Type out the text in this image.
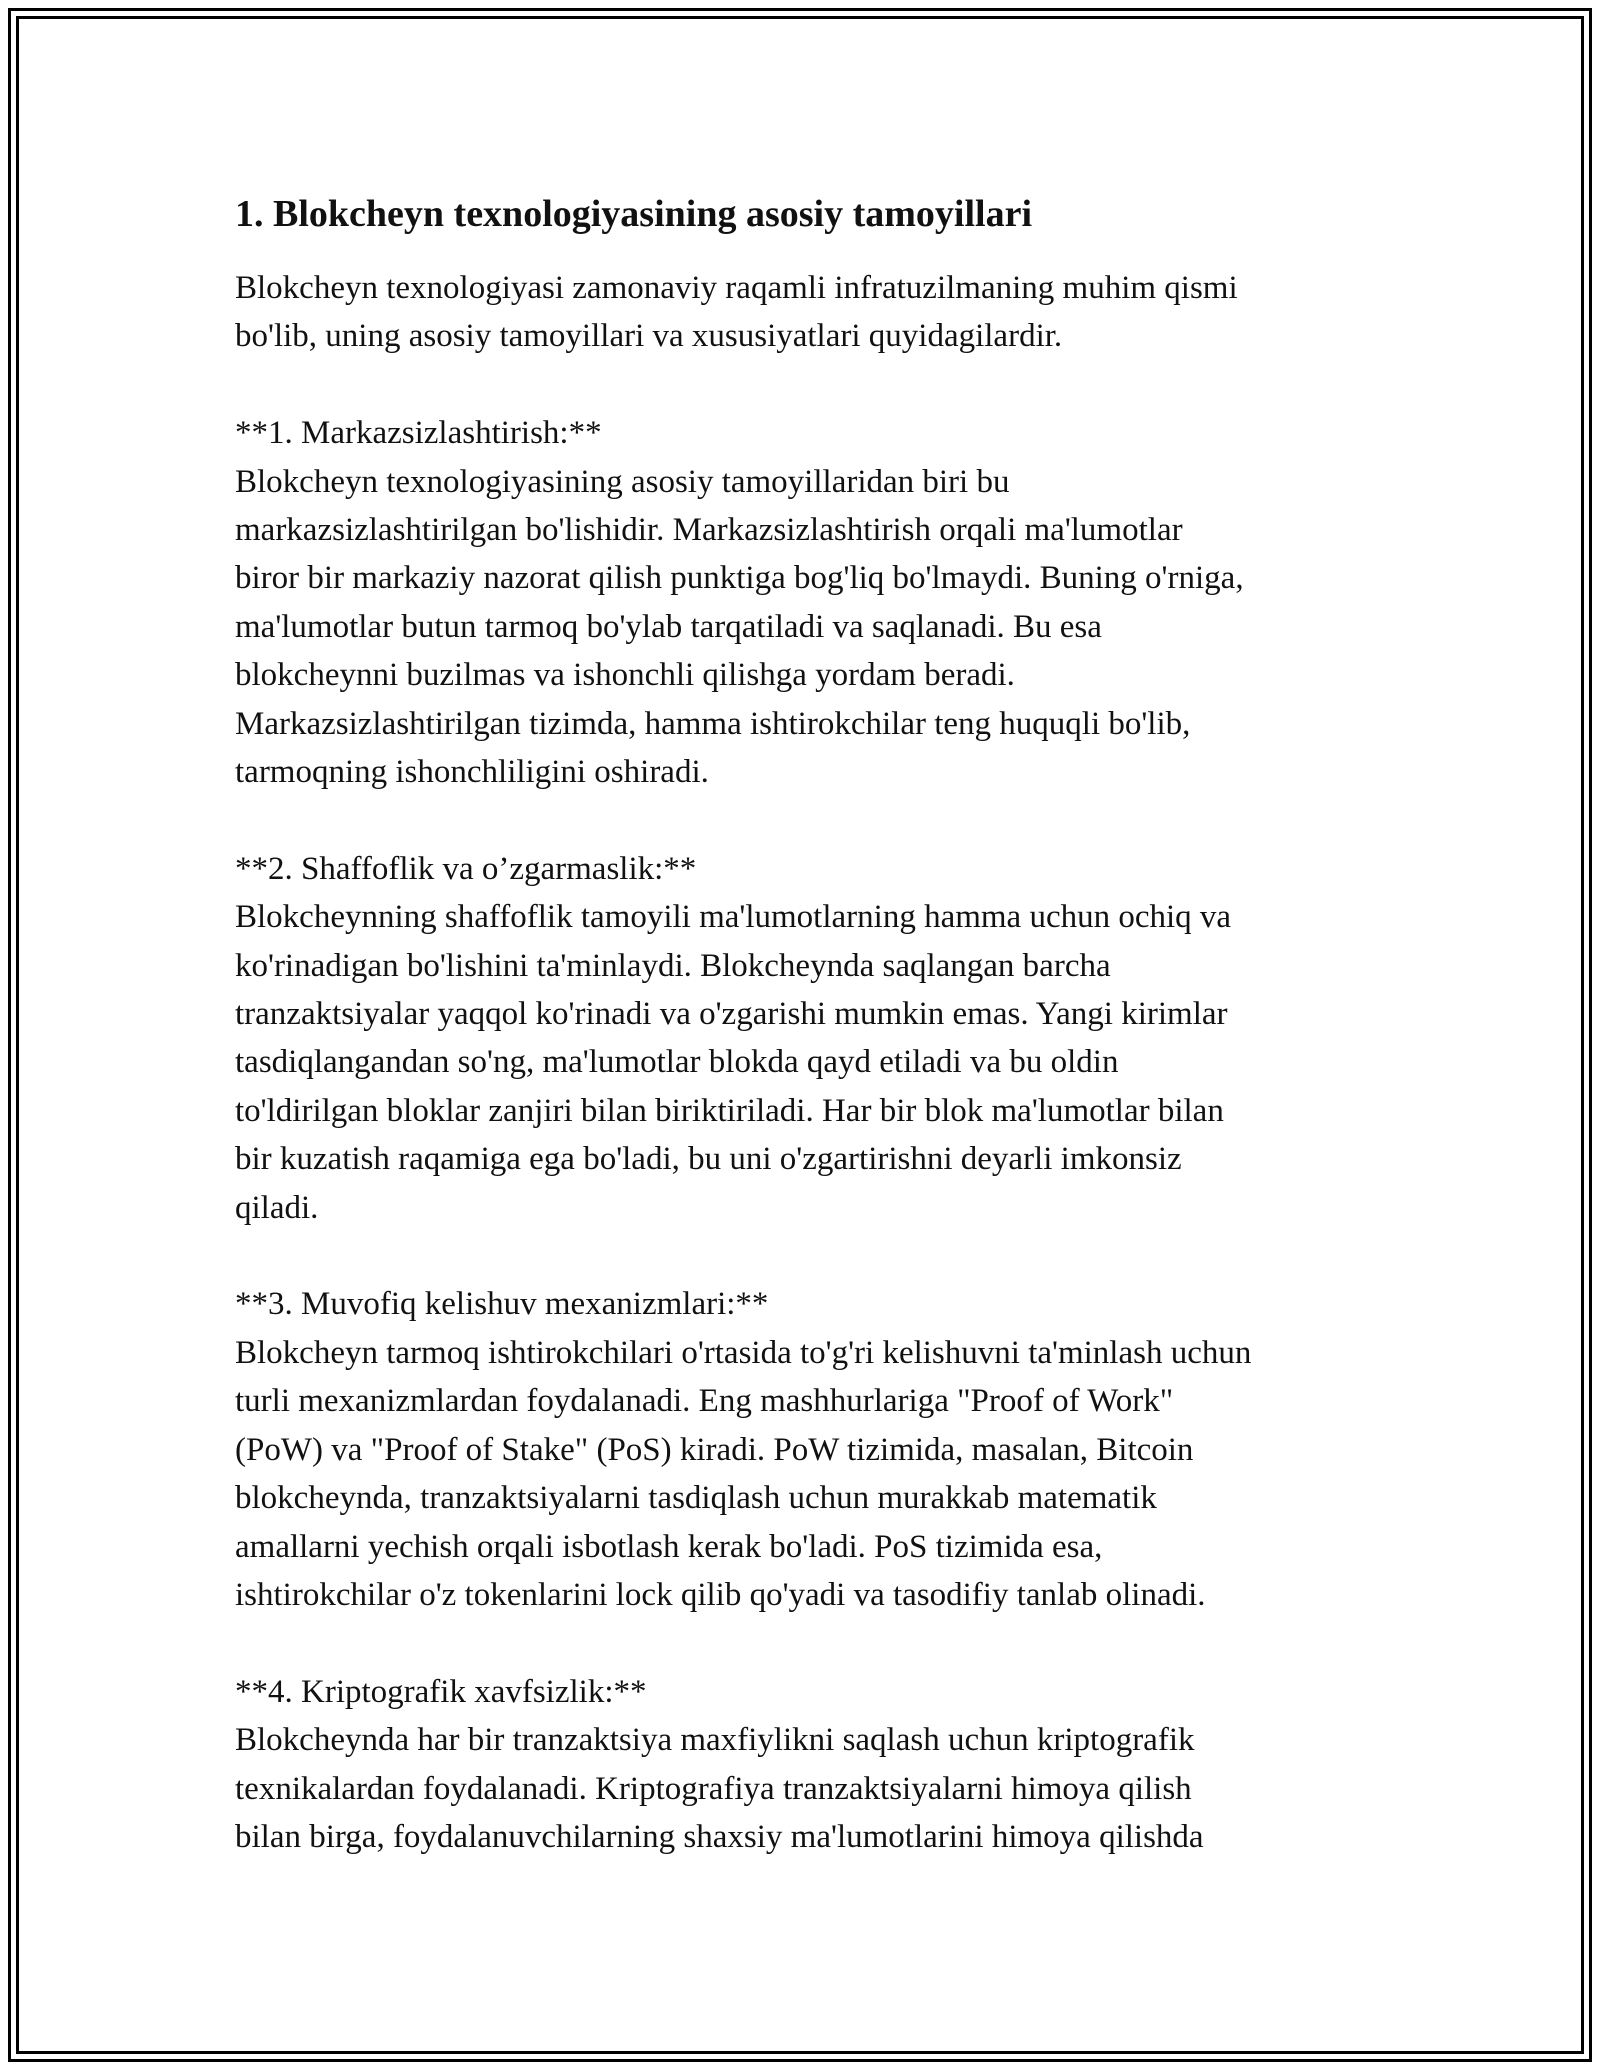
1. Blokcheyn texnologiyasining asosiy tamoyillari

Blokcheyn texnologiyasi zamonaviy raqamli infratuzilmaning muhim qismi

bo'lib, uning asosiy tamoyillari va xususiyatlari quyidagilardir.

**1. Markazsizlashtirish:**

Blokcheyn texnologiyasining asosiy tamoyillaridan biri bu

markazsizlashtirilgan bo'lishidir. Markazsizlashtirish orqali ma'lumotlar

biror bir markaziy nazorat qilish punktiga bog'liq bo'lmaydi. Buning o'rniga,

ma'lumotlar butun tarmoq bo'ylab tarqatiladi va saqlanadi. Bu esa

blokcheynni buzilmas va ishonchli qilishga yordam beradi.

Markazsizlashtirilgan tizimda, hamma ishtirokchilar teng huquqli bo'lib,

tarmoqning ishonchliligini oshiradi.

**2. Shaffoflik va o’zgarmaslik:**

Blokcheynning shaffoflik tamoyili ma'lumotlarning hamma uchun ochiq va

ko'rinadigan bo'lishini ta'minlaydi. Blokcheynda saqlangan barcha

tranzaktsiyalar yaqqol ko'rinadi va o'zgarishi mumkin emas. Yangi kirimlar

tasdiqlangandan so'ng, ma'lumotlar blokda qayd etiladi va bu oldin

to'ldirilgan bloklar zanjiri bilan biriktiriladi. Har bir blok ma'lumotlar bilan

bir kuzatish raqamiga ega bo'ladi, bu uni o'zgartirishni deyarli imkonsiz

qiladi.

**3. Muvofiq kelishuv mexanizmlari:**

Blokcheyn tarmoq ishtirokchilari o'rtasida to'g'ri kelishuvni ta'minlash uchun

turli mexanizmlardan foydalanadi. Eng mashhurlariga "Proof of Work"

(PoW) va "Proof of Stake" (PoS) kiradi. PoW tizimida, masalan, Bitcoin

blokcheynda, tranzaktsiyalarni tasdiqlash uchun murakkab matematik

amallarni yechish orqali isbotlash kerak bo'ladi. PoS tizimida esa,

ishtirokchilar o'z tokenlarini lock qilib qo'yadi va tasodifiy tanlab olinadi.

**4. Kriptografik xavfsizlik:**

Blokcheynda har bir tranzaktsiya maxfiylikni saqlash uchun kriptografik

texnikalardan foydalanadi. Kriptografiya tranzaktsiyalarni himoya qilish

bilan birga, foydalanuvchilarning shaxsiy ma'lumotlarini himoya qilishda
